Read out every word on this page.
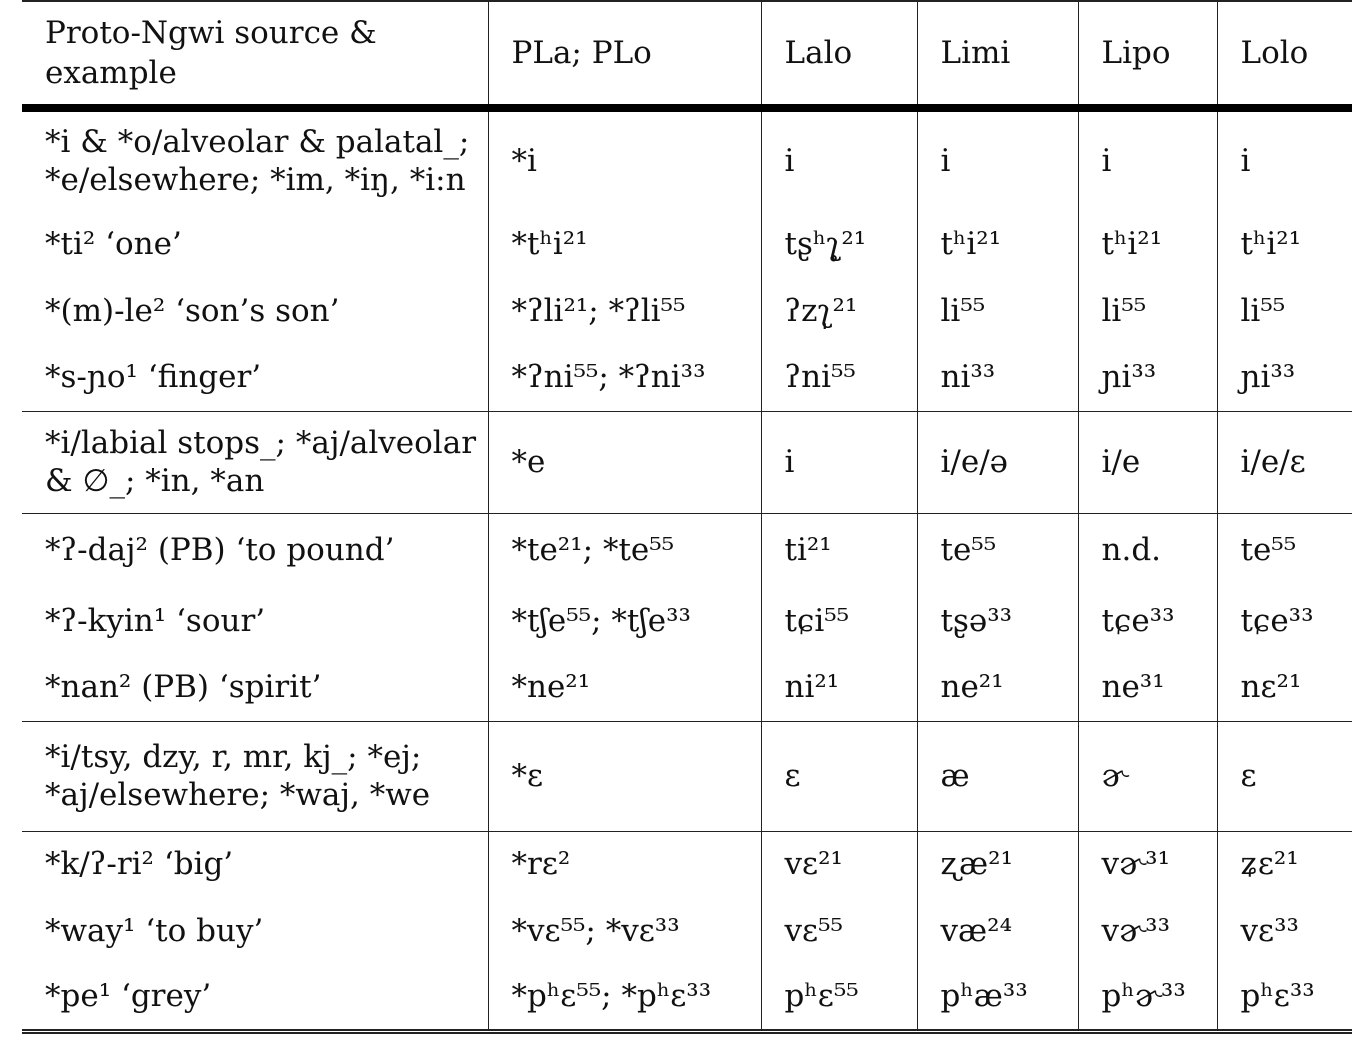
Proto-Ngwi source & example	PLa; PLo	Lalo	Limi	Lipo	Lolo
*i & *o/alveolar & palatal_; *e/elsewhere; *im, *iŋ, *i:n	*i	i	i	i	i
*ti² ‘one’	*tʰi²¹	tʂʰʅ̥²¹	tʰi²¹	tʰi²¹	tʰi²¹
*(m)-le² ‘son’s son’	*ʔli²¹; *ʔli⁵⁵	ʔzʅ̩²¹	li⁵⁵	li⁵⁵	li⁵⁵
*s-ɲo¹ ‘finger’	*ʔni⁵⁵; *ʔni³³	ʔni⁵⁵	ni³³	ɲi³³	ɲi³³
*i/labial stops_; *aj/alveolar & ∅_; *in, *an	*e	i	i/e/ə	i/e	i/e/ɛ
*ʔ-daj² (PB) ‘to pound’	*te²¹; *te⁵⁵	ti²¹	te⁵⁵	n.d.	te⁵⁵
*ʔ-kyin¹ ‘sour’	*tʃe⁵⁵; *tʃe³³	tɕi⁵⁵	tʂə³³	tɕe³³	tɕe³³
*nan² (PB) ‘spirit’	*ne²¹	ni²¹	ne²¹	ne³¹	nɛ²¹
*i/tsy, dzy, r, mr, kj_; *ej; *aj/elsewhere; *waj, *we	*ɛ	ɛ	æ	ɚ	ɛ
*k/ʔ-ri² ‘big’	*rɛ²	vɛ²¹	ʐæ²¹	vɚ³¹	ʑɛ²¹
*way¹ ‘to buy’	*vɛ⁵⁵; *vɛ³³	vɛ⁵⁵	væ²⁴	vɚ³³	vɛ³³
*pe¹ ‘grey’	*pʰɛ⁵⁵; *pʰɛ³³	pʰɛ⁵⁵	pʰæ³³	pʰɚ³³	pʰɛ³³
